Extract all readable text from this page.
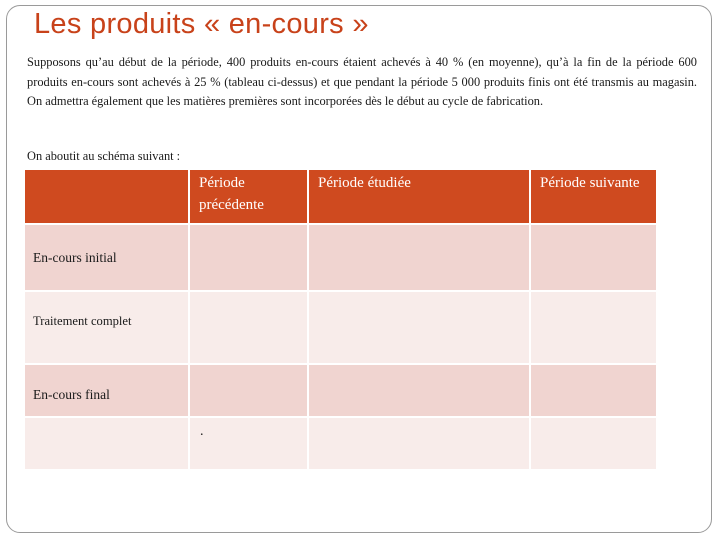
Les produits « en-cours »

Supposons qu’au début de la période, 400 produits en-cours étaient achevés à 40 % (en moyenne), qu’à la fin de la période 600 produits en-cours sont achevés à 25 % (tableau ci-dessus) et que pendant la période 5 000 produits finis ont été transmis au magasin. On admettra également que les matières premières sont incorporées dès le début au cycle de fabrication.

On aboutit au schéma suivant :

	Période précédente	Période étudiée	Période suivante

En-cours initial			

Traitement complet			

En-cours final			

	.		
